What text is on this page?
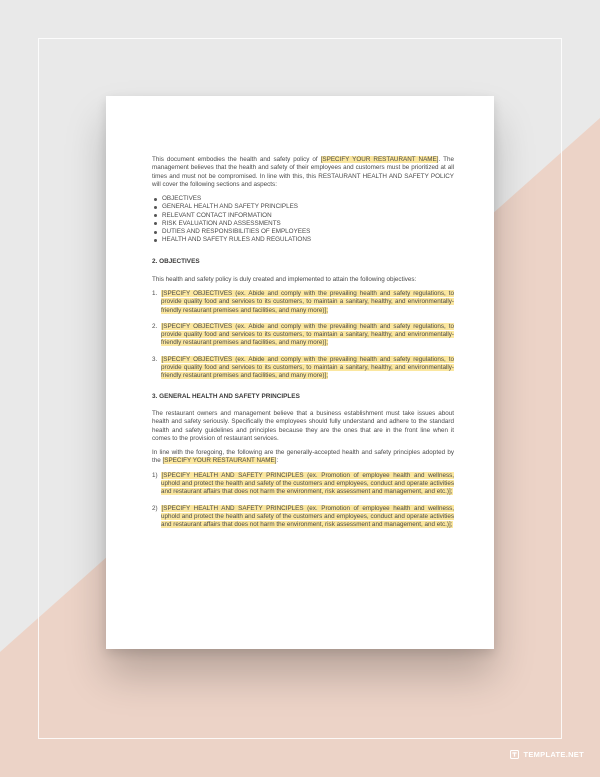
This document embodies the health and safety policy of [SPECIFY YOUR RESTAURANT NAME]. The management believes that the health and safety of their employees and customers must be prioritized at all times and must not be compromised. In line with this, this RESTAURANT HEALTH AND SAFETY POLICY will cover the following sections and aspects:

OBJECTIVES
GENERAL HEALTH AND SAFETY PRINCIPLES
RELEVANT CONTACT INFORMATION
RISK EVALUATION AND ASSESSMENTS
DUTIES AND RESPONSIBILITIES OF EMPLOYEES
HEALTH AND SAFETY RULES AND REGULATIONS
2. OBJECTIVES

This health and safety policy is duly created and implemented to attain the following objectives:

1. [SPECIFY OBJECTIVES (ex. Abide and comply with the prevailing health and safety regulations, to provide quality food and services to its customers, to maintain a sanitary, healthy, and environmentally-friendly restaurant premises and facilities, and many more)];
2. [SPECIFY OBJECTIVES (ex. Abide and comply with the prevailing health and safety regulations, to provide quality food and services to its customers, to maintain a sanitary, healthy, and environmentally-friendly restaurant premises and facilities, and many more)];
3. [SPECIFY OBJECTIVES (ex. Abide and comply with the prevailing health and safety regulations, to provide quality food and services to its customers, to maintain a sanitary, healthy, and environmentally-friendly restaurant premises and facilities, and many more)];
3. GENERAL HEALTH AND SAFETY PRINCIPLES

The restaurant owners and management believe that a business establishment must take issues about health and safety seriously. Specifically the employees should fully understand and adhere to the standard health and safety guidelines and principles because they are the ones that are in the front line when it comes to the provision of restaurant services.

In line with the foregoing, the following are the generally-accepted health and safety principles adopted by the [SPECIFY YOUR RESTAURANT NAME]:

1) [SPECIFY HEALTH AND SAFETY PRINCIPLES (ex. Promotion of employee health and wellness, uphold and protect the health and safety of the customers and employees, conduct and operate activities and restaurant affairs that does not harm the environment, risk assessment and management, and etc.)];
2) [SPECIFY HEALTH AND SAFETY PRINCIPLES (ex. Promotion of employee health and wellness, uphold and protect the health and safety of the customers and employees, conduct and operate activities and restaurant affairs that does not harm the environment, risk assessment and management, and etc.)];
TEMPLATE.NET
